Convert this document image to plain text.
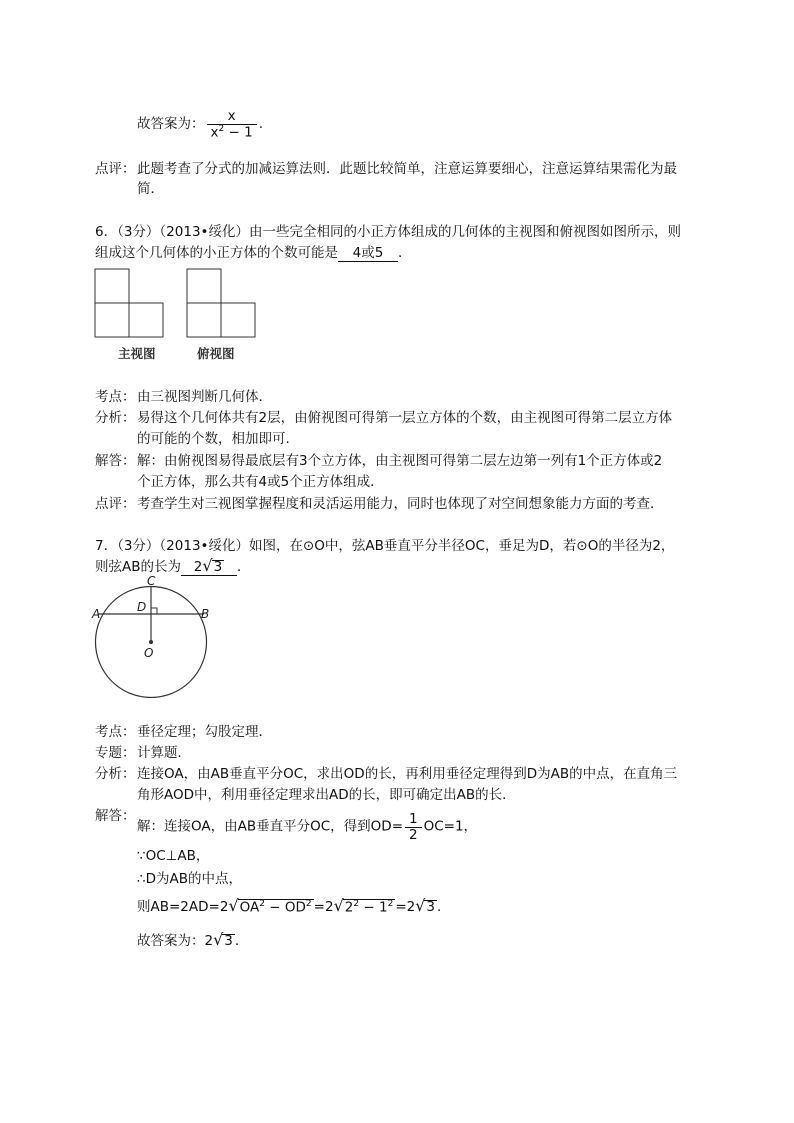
故答案为： $\frac{x}{x^2 - 1}$ .
点评： 此题考查了分式的加减运算法则．此题比较简单，注意运算要细心，注意运算结果需化为最
简．
6．（3分）（2013•绥化）由一些完全相同的小正方体组成的几何体的主视图和俯视图如图所示，则
组成这个几何体的小正方体的个数可能是 4或5 ．
主视图	俯视图
考点： 由三视图判断几何体．
分析： 易得这个几何体共有2层，由俯视图可得第一层立方体的个数，由主视图可得第二层立方体
的可能的个数，相加即可．
解答： 解：由俯视图易得最底层有3个立方体，由主视图可得第二层左边第一列有1个正方体或2
个正方体，那么共有4或5个正方体组成．
点评： 考查学生对三视图掌握程度和灵活运用能力，同时也体现了对空间想象能力方面的考查．
7．（3分）（2013•绥化）如图，在⊙O中，弦AB垂直平分半径OC，垂足为D，若⊙O的半径为2，
则弦AB的长为 2√3 ．
C
D
A	B
O
考点： 垂径定理；勾股定理．
专题： 计算题．
分析： 连接OA，由AB垂直平分OC，求出OD的长，再利用垂径定理得到D为AB的中点，在直角三
角形AOD中，利用垂径定理求出AD的长，即可确定出AB的长．
解答：
解：连接OA，由AB垂直平分OC，得到$OD= \frac{1}{2} OC=1$，
∵OC⊥AB，
∴D为AB的中点，
则$AB=2AD=2√OA^2 - OD^2 =2√2^2 - 1^2 =2√3$ .
故答案为：2√3 .
